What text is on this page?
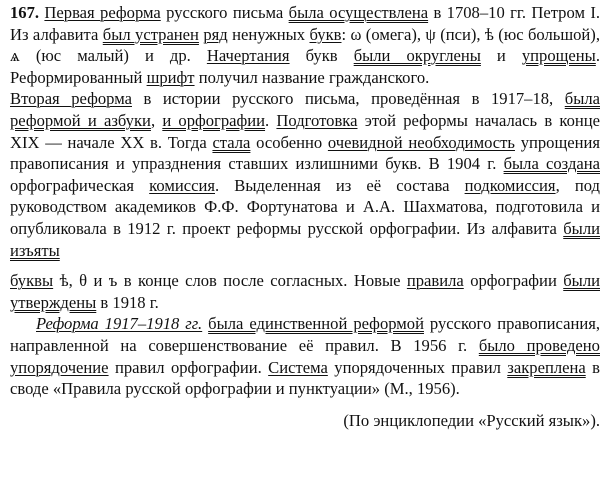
167. Первая реформа русского письма была осуществлена в 1708–10 гг. Петром I. Из алфавита был устранен ряд ненужных букв: ω (омега), ψ (пси), ѣ (юс большой), ѧ (юс малый) и др. Начертания букв были округлены и упрощены. Реформированный шрифт получил название гражданского.

Вторая реформа в истории русского письма, проведённая в 1917–18, была реформой и азбуки, и орфографии. Подготовка этой реформы началась в конце XIX — начале XX в. Тогда стала особенно очевидной необходимость упрощения правописания и упразднения ставших излишними букв. В 1904 г. была создана орфографическая комиссия. Выделенная из её состава подкомиссия, под руководством академиков Ф.Ф. Фортунатова и А.А. Шахматова, подготовила и опубликовала в 1912 г. проект реформы русской орфографии. Из алфавита были изъяты

буквы ѣ, θ и ъ в конце слов после согласных. Новые правила орфографии были утверждены в 1918 г.

Реформа 1917–1918 гг. была единственной реформой русского правописания, направленной на совершенствование её правил. В 1956 г. было проведено упорядочение правил орфографии. Система упорядоченных правил закреплена в своде «Правила русской орфографии и пунктуации» (М., 1956).

(По энциклопедии «Русский язык»).
